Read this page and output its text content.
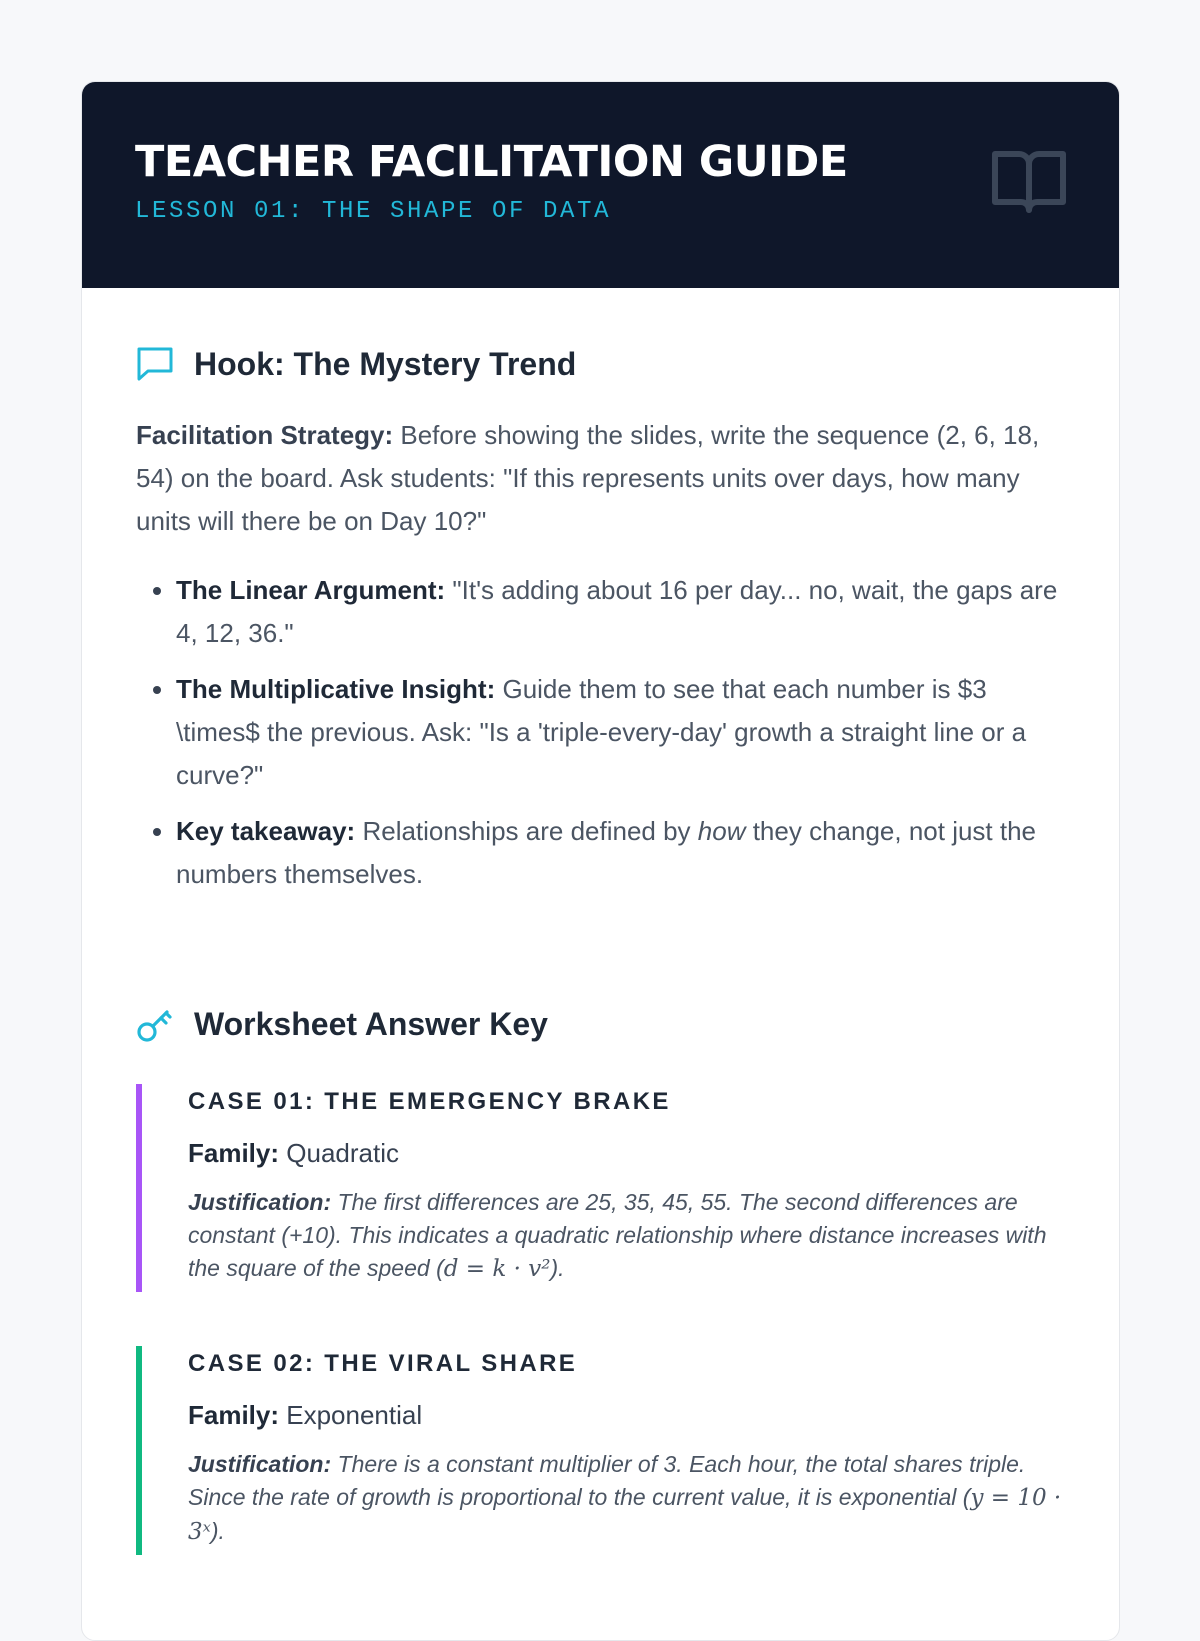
TEACHER FACILITATION GUIDE
LESSON 01: THE SHAPE OF DATA
Hook: The Mystery Trend

Facilitation Strategy: Before showing the slides, write the sequence (2, 6, 18, 54) on the board. Ask students: "If this represents units over days, how many units will there be on Day 10?"

• The Linear Argument: "It's adding about 16 per day... no, wait, the gaps are 4, 12, 36."
• The Multiplicative Insight: Guide them to see that each number is $3 \times$ the previous. Ask: "Is a 'triple-every-day' growth a straight line or a curve?"
• Key takeaway: Relationships are defined by how they change, not just the numbers themselves.
Worksheet Answer Key
CASE 01: THE EMERGENCY BRAKE
Family: Quadratic
Justification: The first differences are 25, 35, 45, 55. The second differences are constant (+10). This indicates a quadratic relationship where distance increases with the square of the speed (d = k · v²).
CASE 02: THE VIRAL SHARE
Family: Exponential
Justification: There is a constant multiplier of 3. Each hour, the total shares triple. Since the rate of growth is proportional to the current value, it is exponential (y = 10 · 3ˣ).
